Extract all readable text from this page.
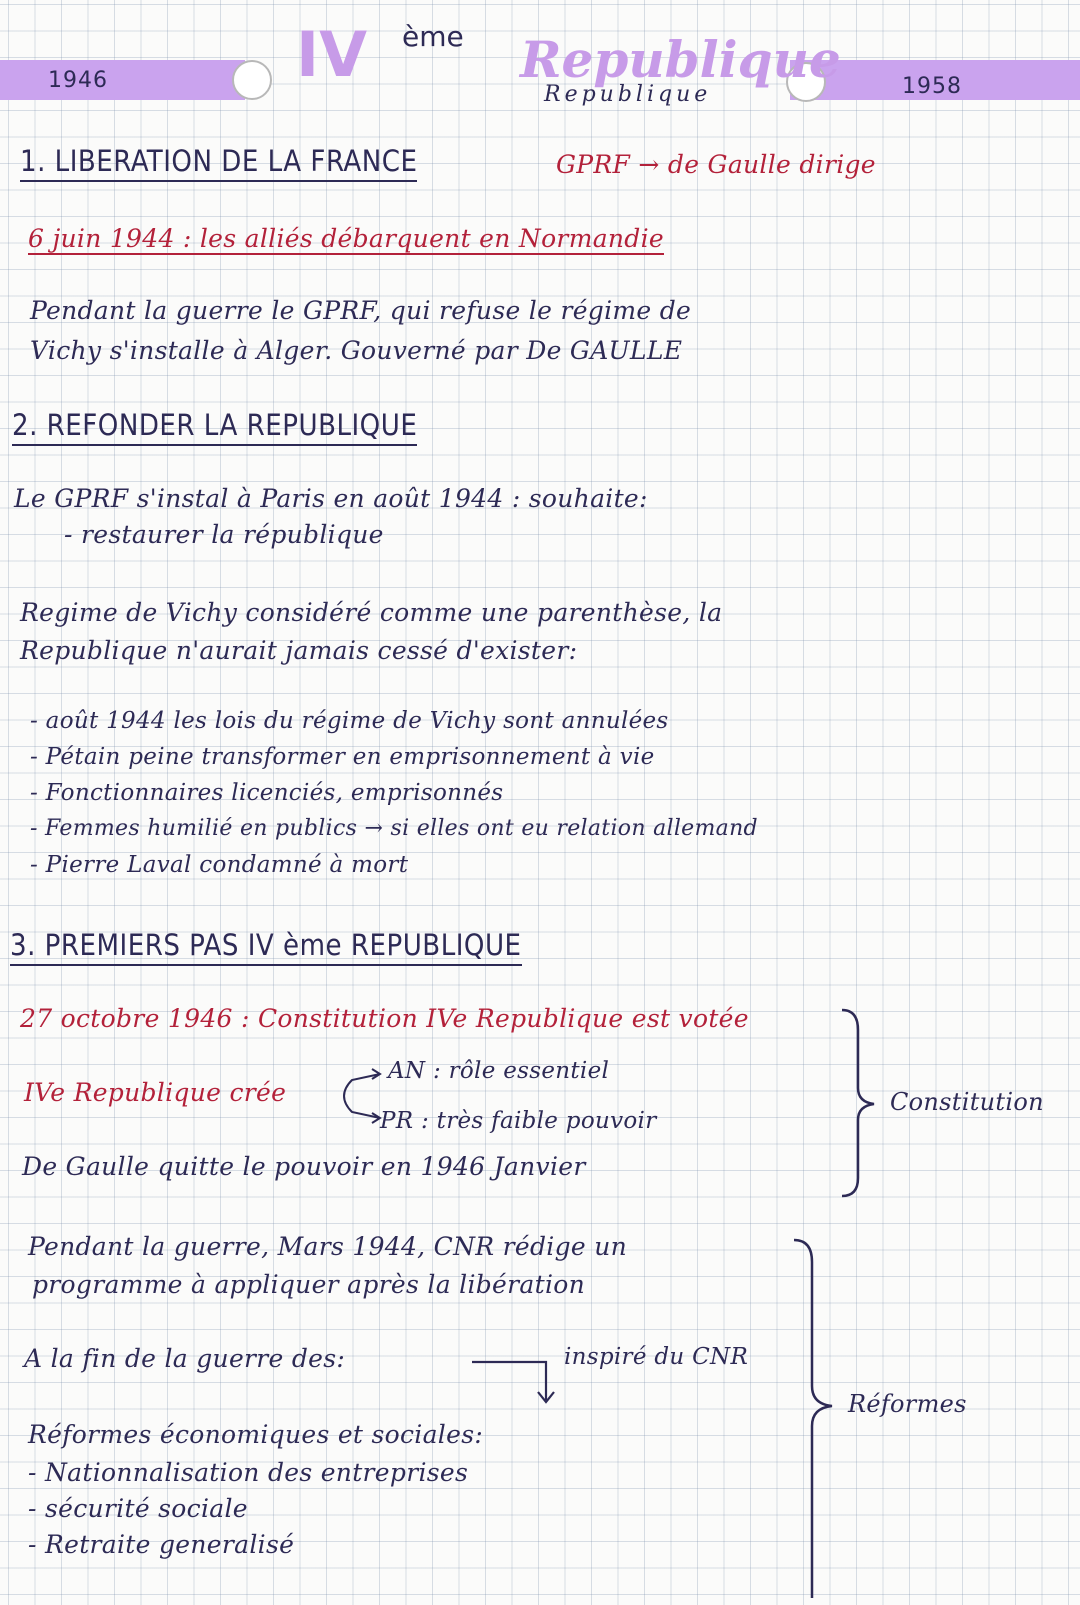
1946	1958
IV ème Republique
Republique
1. LIBERATION DE LA FRANCE	GPRF → de Gaulle dirige
6 juin 1944 : les alliés débarquent en Normandie
Pendant la guerre le GPRF, qui refuse le régime de
Vichy s'installe à Alger. Gouverné par De GAULLE
2. REFONDER LA REPUBLIQUE
Le GPRF s'instal à Paris en août 1944 : souhaite:
- restaurer la république
Regime de Vichy considéré comme une parenthèse, la
Republique n'aurait jamais cessé d'exister:
- août 1944 les lois du régime de Vichy sont annulées
- Pétain peine transformer en emprisonnement à vie
- Fonctionnaires licenciés, emprisonnés
- Femmes humilié en publics → si elles ont eu relation allemand
- Pierre Laval condamné à mort
3. PREMIERS PAS IV ème REPUBLIQUE
27 octobre 1946 : Constitution IVe Republique est votée
IVe Republique crée
AN : rôle essentiel
PR : très faible pouvoir
De Gaulle quitte le pouvoir en 1946 Janvier
Constitution
Pendant la guerre, Mars 1944, CNR rédige un
programme à appliquer après la libération
A la fin de la guerre des:	inspiré du CNR
Réformes économiques et sociales:
- Nationnalisation des entreprises
- sécurité sociale
- Retraite generalisé
Réformes
